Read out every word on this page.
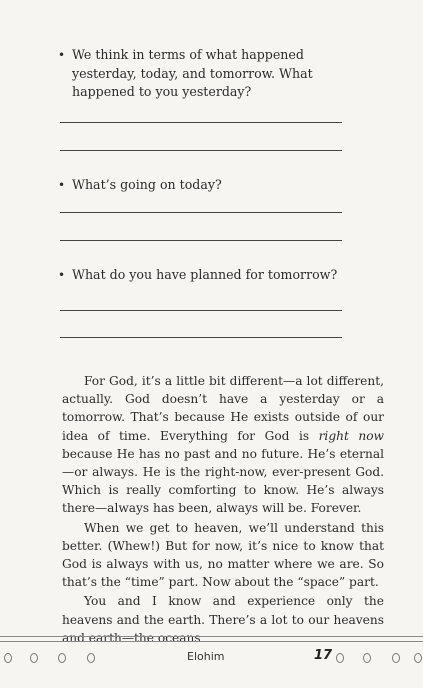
• We think in terms of what happened yesterday, today, and tomorrow. What happened to you yesterday?
• What’s going on today?
• What do you have planned for tomorrow?

For God, it’s a little bit different—a lot different, actually. God doesn’t have a yesterday or a tomorrow. That’s because He exists outside of our idea of time. Everything for God is right now because He has no past and no future. He’s eternal—or always. He is the right-now, ever-present God. Which is really comforting to know. He’s always there—always has been, always will be. Forever.

When we get to heaven, we’ll understand this better. (Whew!) But for now, it’s nice to know that God is always with us, no matter where we are. So that’s the “time” part. Now about the “space” part.

You and I know and experience only the heavens and the earth. There’s a lot to our heavens and earth—the oceans

Elohim	17
